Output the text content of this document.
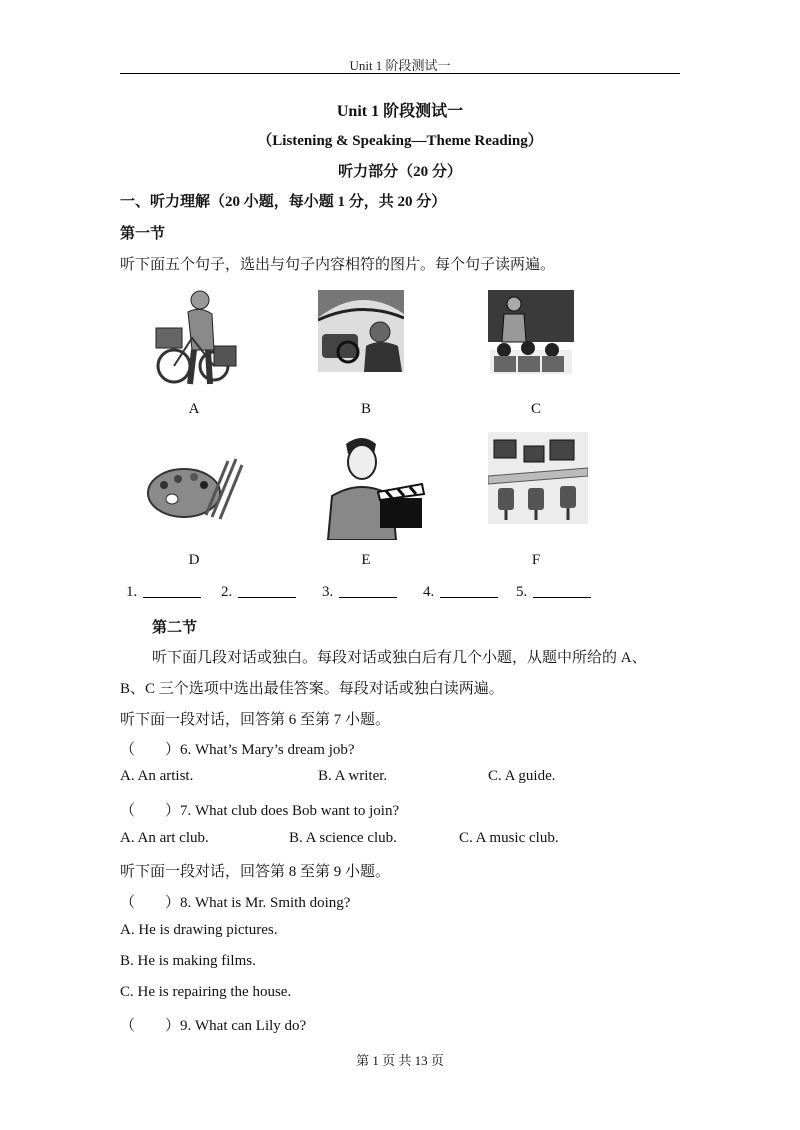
Unit 1 阶段测试一
Unit 1 阶段测试一
（Listening & Speaking—Theme Reading）
听力部分（20 分）
一、听力理解（20 小题，每小题 1 分，共 20 分）
第一节
听下面五个句子，选出与句子内容相符的图片。每个句子读两遍。
A	B	C
D	E	F
1.	2.	3.	4.	5.
第二节
听下面几段对话或独白。每段对话或独白后有几个小题，从题中所给的 A、
B、C 三个选项中选出最佳答案。每段对话或独白读两遍。
听下面一段对话，回答第 6 至第 7 小题。
（　　）6. What’s Mary’s dream job?
A. An artist.	B. A writer.	C. A guide.
（　　）7. What club does Bob want to join?
A. An art club.	B. A science club.	C. A music club.
听下面一段对话，回答第 8 至第 9 小题。
（　　）8. What is Mr. Smith doing?
A. He is drawing pictures.
B. He is making films.
C. He is repairing the house.
（　　）9. What can Lily do?
第 1 页 共 13 页
